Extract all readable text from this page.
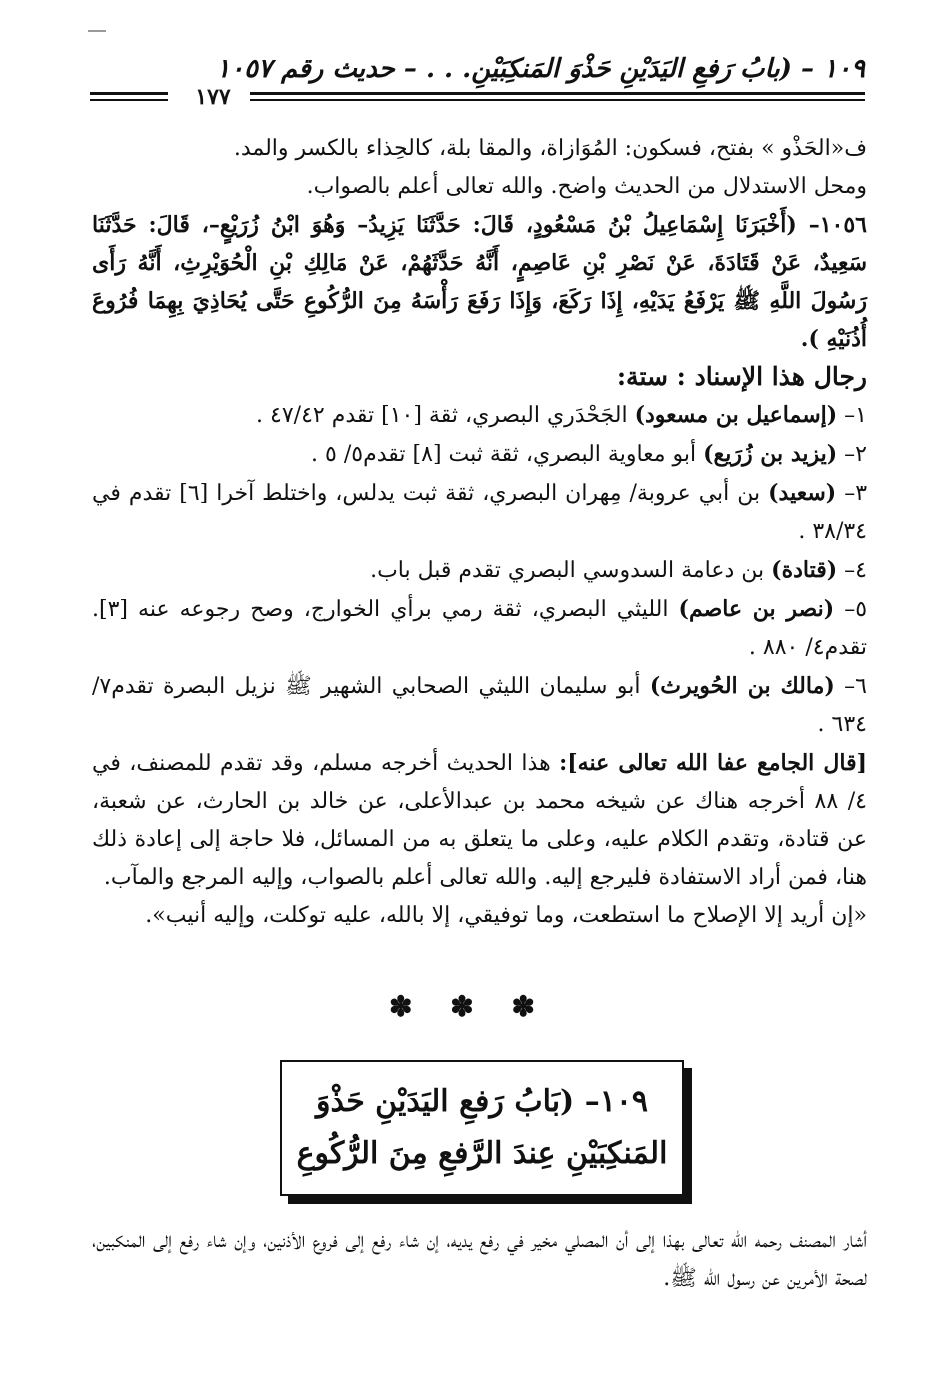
١٠٩ – (بابُ رَفعِ اليَدَيْنِ حَذْوَ المَنكِبَيْنِ. . . – حديث رقم ١٠٥٧
١٧٧

ف«الحَذْو » بفتح، فسكون: المُوَازاة، والمقا بلة، كالحِذاء بالكسر والمد.

ومحل الاستدلال من الحديث واضح. والله تعالى أعلم بالصواب.

١٠٥٦– (أَخْبَرَنَا إِسْمَاعِيلُ بْنُ مَسْعُودٍ، قَالَ: حَدَّثَنَا يَزِيدُ– وَهُوَ ابْنُ زُرَيْعٍ–، قَالَ: حَدَّثَنَا سَعِيدٌ، عَنْ قَتَادَةَ، عَنْ نَصْرِ بْنِ عَاصِمٍ، أَنَّهُ حَدَّثَهُمْ، عَنْ مَالِكِ بْنِ الْحُوَيْرِثِ، أَنَّهُ رَأَى رَسُولَ اللَّهِ ﷺ يَرْفَعُ يَدَيْهِ، إِذَا رَكَعَ، وَإِذَا رَفَعَ رَأْسَهُ مِنَ الرُّكُوعِ حَتَّى يُحَاذِيَ بِهِمَا فُرُوعَ أُذُنَيْهِ ).

رجال هذا الإسناد : ستة:

١– (إسماعيل بن مسعود) الجَحْدَري البصري، ثقة [١٠] تقدم ٤٧/٤٢ .

٢– (يزيد بن زُرَيع) أبو معاوية البصري، ثقة ثبت [٨] تقدم٥/ ٥ .

٣– (سعيد) بن أبي عروبة/ مِهران البصري، ثقة ثبت يدلس، واختلط آخرا [٦] تقدم في ٣٨/٣٤ .

٤– (قتادة) بن دعامة السدوسي البصري تقدم قبل باب.

٥– (نصر بن عاصم) الليثي البصري، ثقة رمي برأي الخوارج، وصح رجوعه عنه [٣]. تقدم٤/ ٨٨٠ .

٦– (مالك بن الحُويرث) أبو سليمان الليثي الصحابي الشهير ﷺ نزيل البصرة تقدم٧/ ٦٣٤ .

[قال الجامع عفا الله تعالى عنه]: هذا الحديث أخرجه مسلم، وقد تقدم للمصنف، في ٤/ ٨٨ أخرجه هناك عن شيخه محمد بن عبدالأعلى، عن خالد بن الحارث، عن شعبة، عن قتادة، وتقدم الكلام عليه، وعلى ما يتعلق به من المسائل، فلا حاجة إلى إعادة ذلك هنا، فمن أراد الاستفادة فليرجع إليه. والله تعالى أعلم بالصواب، وإليه المرجع والمآب.

«إن أريد إلا الإصلاح ما استطعت، وما توفيقي، إلا بالله، عليه توكلت، وإليه أنيب».

✽ ✽ ✽
١٠٩– (بَابُ رَفعِ اليَدَيْنِ حَذْوَ
المَنكِبَيْنِ عِندَ الرَّفعِ مِنَ الرُّكُوعِ

أشار المصنف رحمه الله تعالى بهذا إلى أن المصلي مخير في رفع يديه، إن شاء رفع إلى فروع الأذنين، وإن شاء رفع إلى المنكبين، لصحة الأمرين عن رسول الله ﷺ.
